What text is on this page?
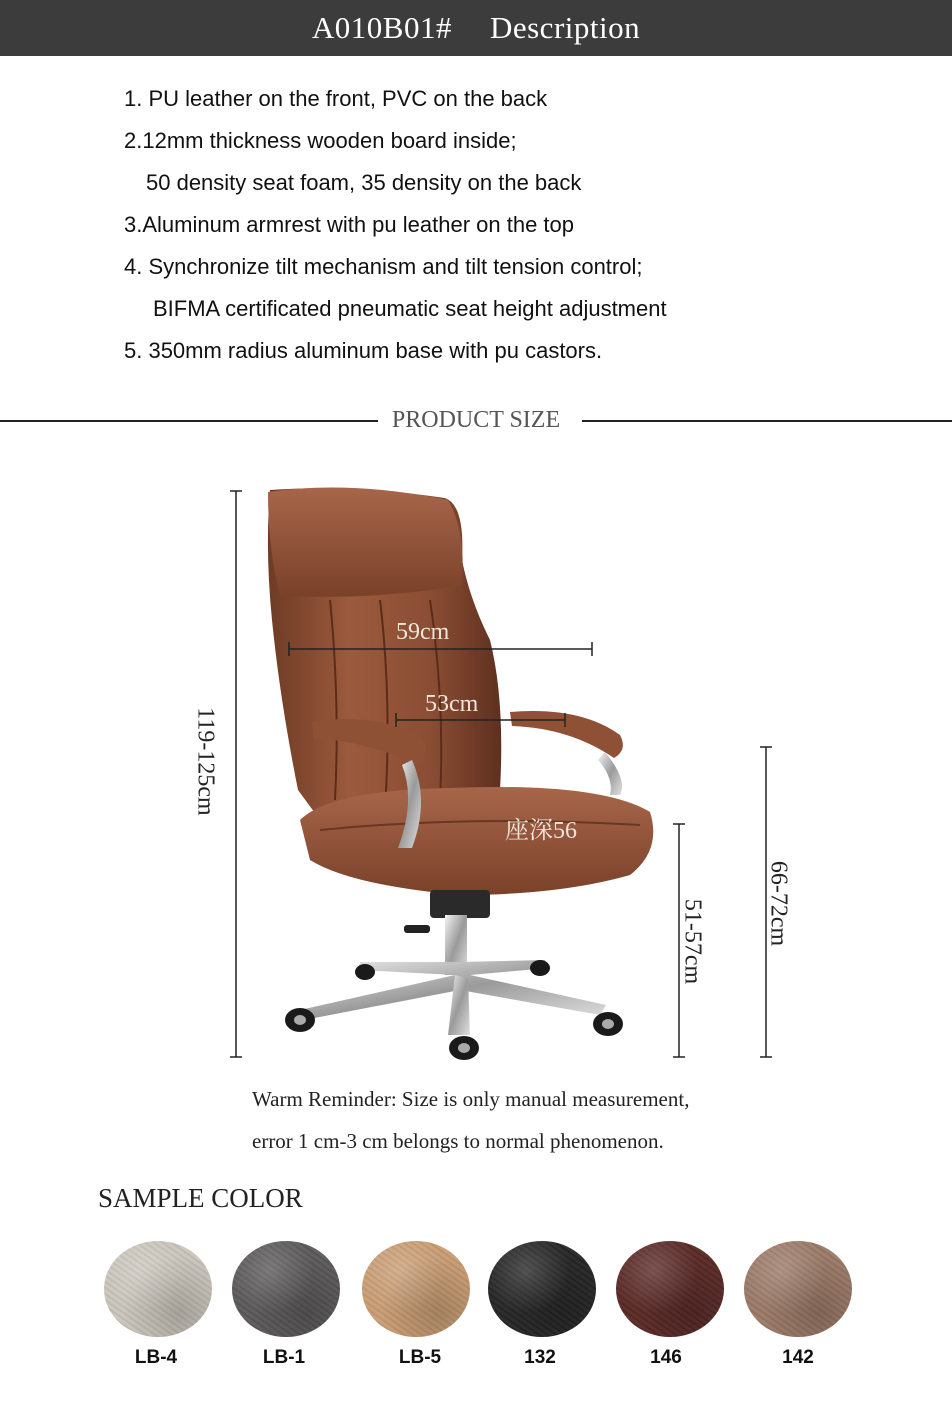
A010B01# Description
1. PU leather on the front, PVC on the back
2.12mm thickness wooden board inside;
50 density seat foam, 35 density on the back
3.Aluminum armrest with pu leather on the top
4. Synchronize tilt mechanism and tilt tension control;
BIFMA certificated pneumatic seat height adjustment
5. 350mm radius aluminum base with pu castors.
PRODUCT SIZE
59cm
53cm
座深56
119-125cm
51-57cm	66-72cm
Warm Reminder: Size is only manual measurement,
error 1 cm-3 cm belongs to normal phenomenon.
SAMPLE COLOR
LB-4	LB-1	LB-5	132	146	142
